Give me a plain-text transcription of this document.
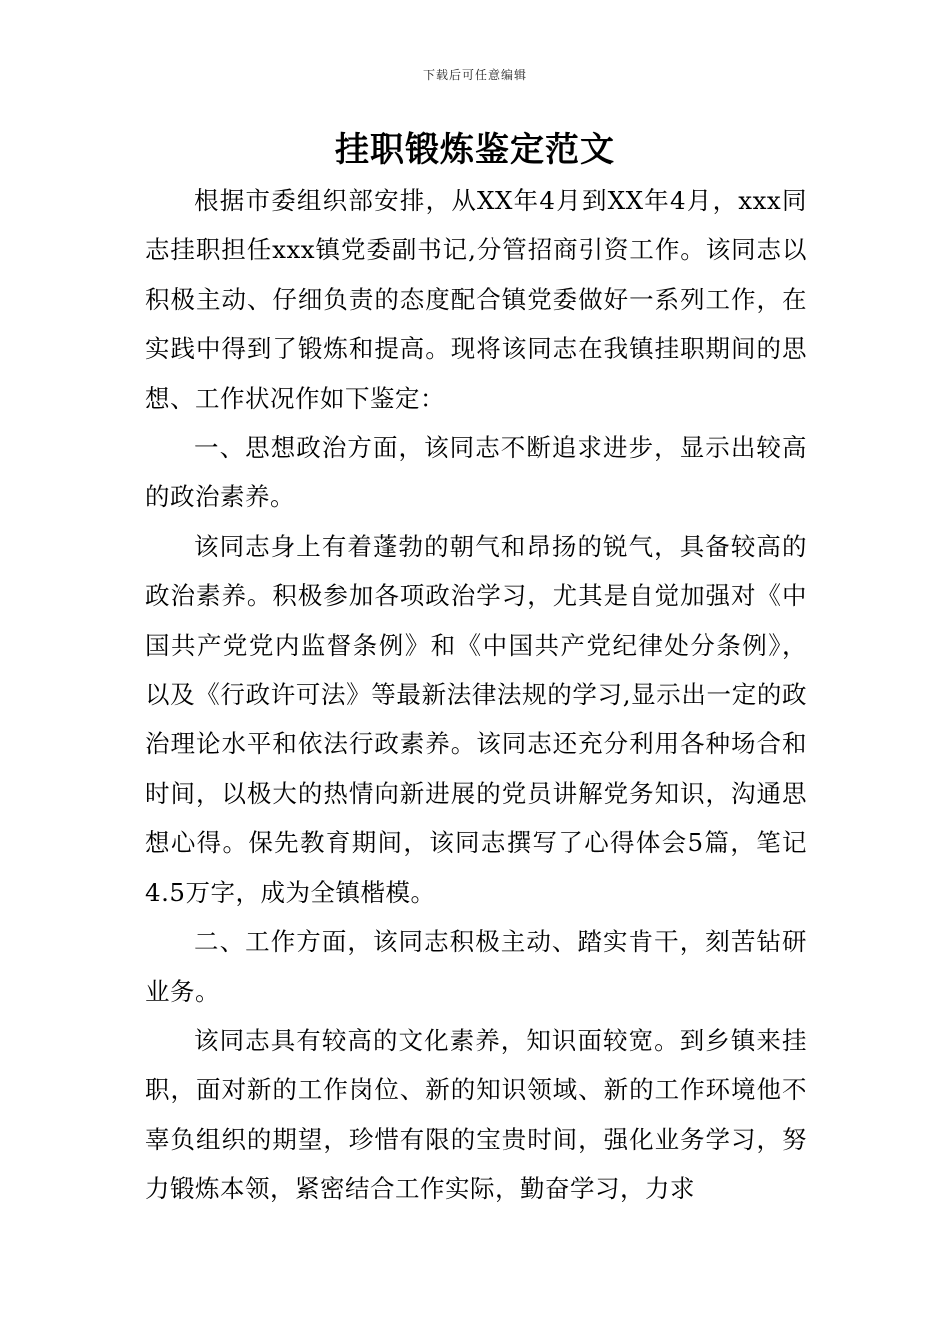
下载后可任意编辑
挂职锻炼鉴定范文

根据市委组织部安排，从XX年4月到XX年4月，xxx同志挂职担任xxx镇党委副书记,分管招商引资工作。该同志以积极主动、仔细负责的态度配合镇党委做好一系列工作，在实践中得到了锻炼和提高。现将该同志在我镇挂职期间的思想、工作状况作如下鉴定：

一、思想政治方面，该同志不断追求进步，显示出较高的政治素养。

该同志身上有着蓬勃的朝气和昂扬的锐气，具备较高的政治素养。积极参加各项政治学习，尤其是自觉加强对《中国共产党党内监督条例》和《中国共产党纪律处分条例》，以及《行政许可法》等最新法律法规的学习,显示出一定的政治理论水平和依法行政素养。该同志还充分利用各种场合和时间，以极大的热情向新进展的党员讲解党务知识，沟通思想心得。保先教育期间，该同志撰写了心得体会5篇，笔记4.5万字，成为全镇楷模。

二、工作方面，该同志积极主动、踏实肯干，刻苦钻研业务。

该同志具有较高的文化素养，知识面较宽。到乡镇来挂职，面对新的工作岗位、新的知识领域、新的工作环境他不辜负组织的期望，珍惜有限的宝贵时间，强化业务学习，努力锻炼本领，紧密结合工作实际，勤奋学习，力求
